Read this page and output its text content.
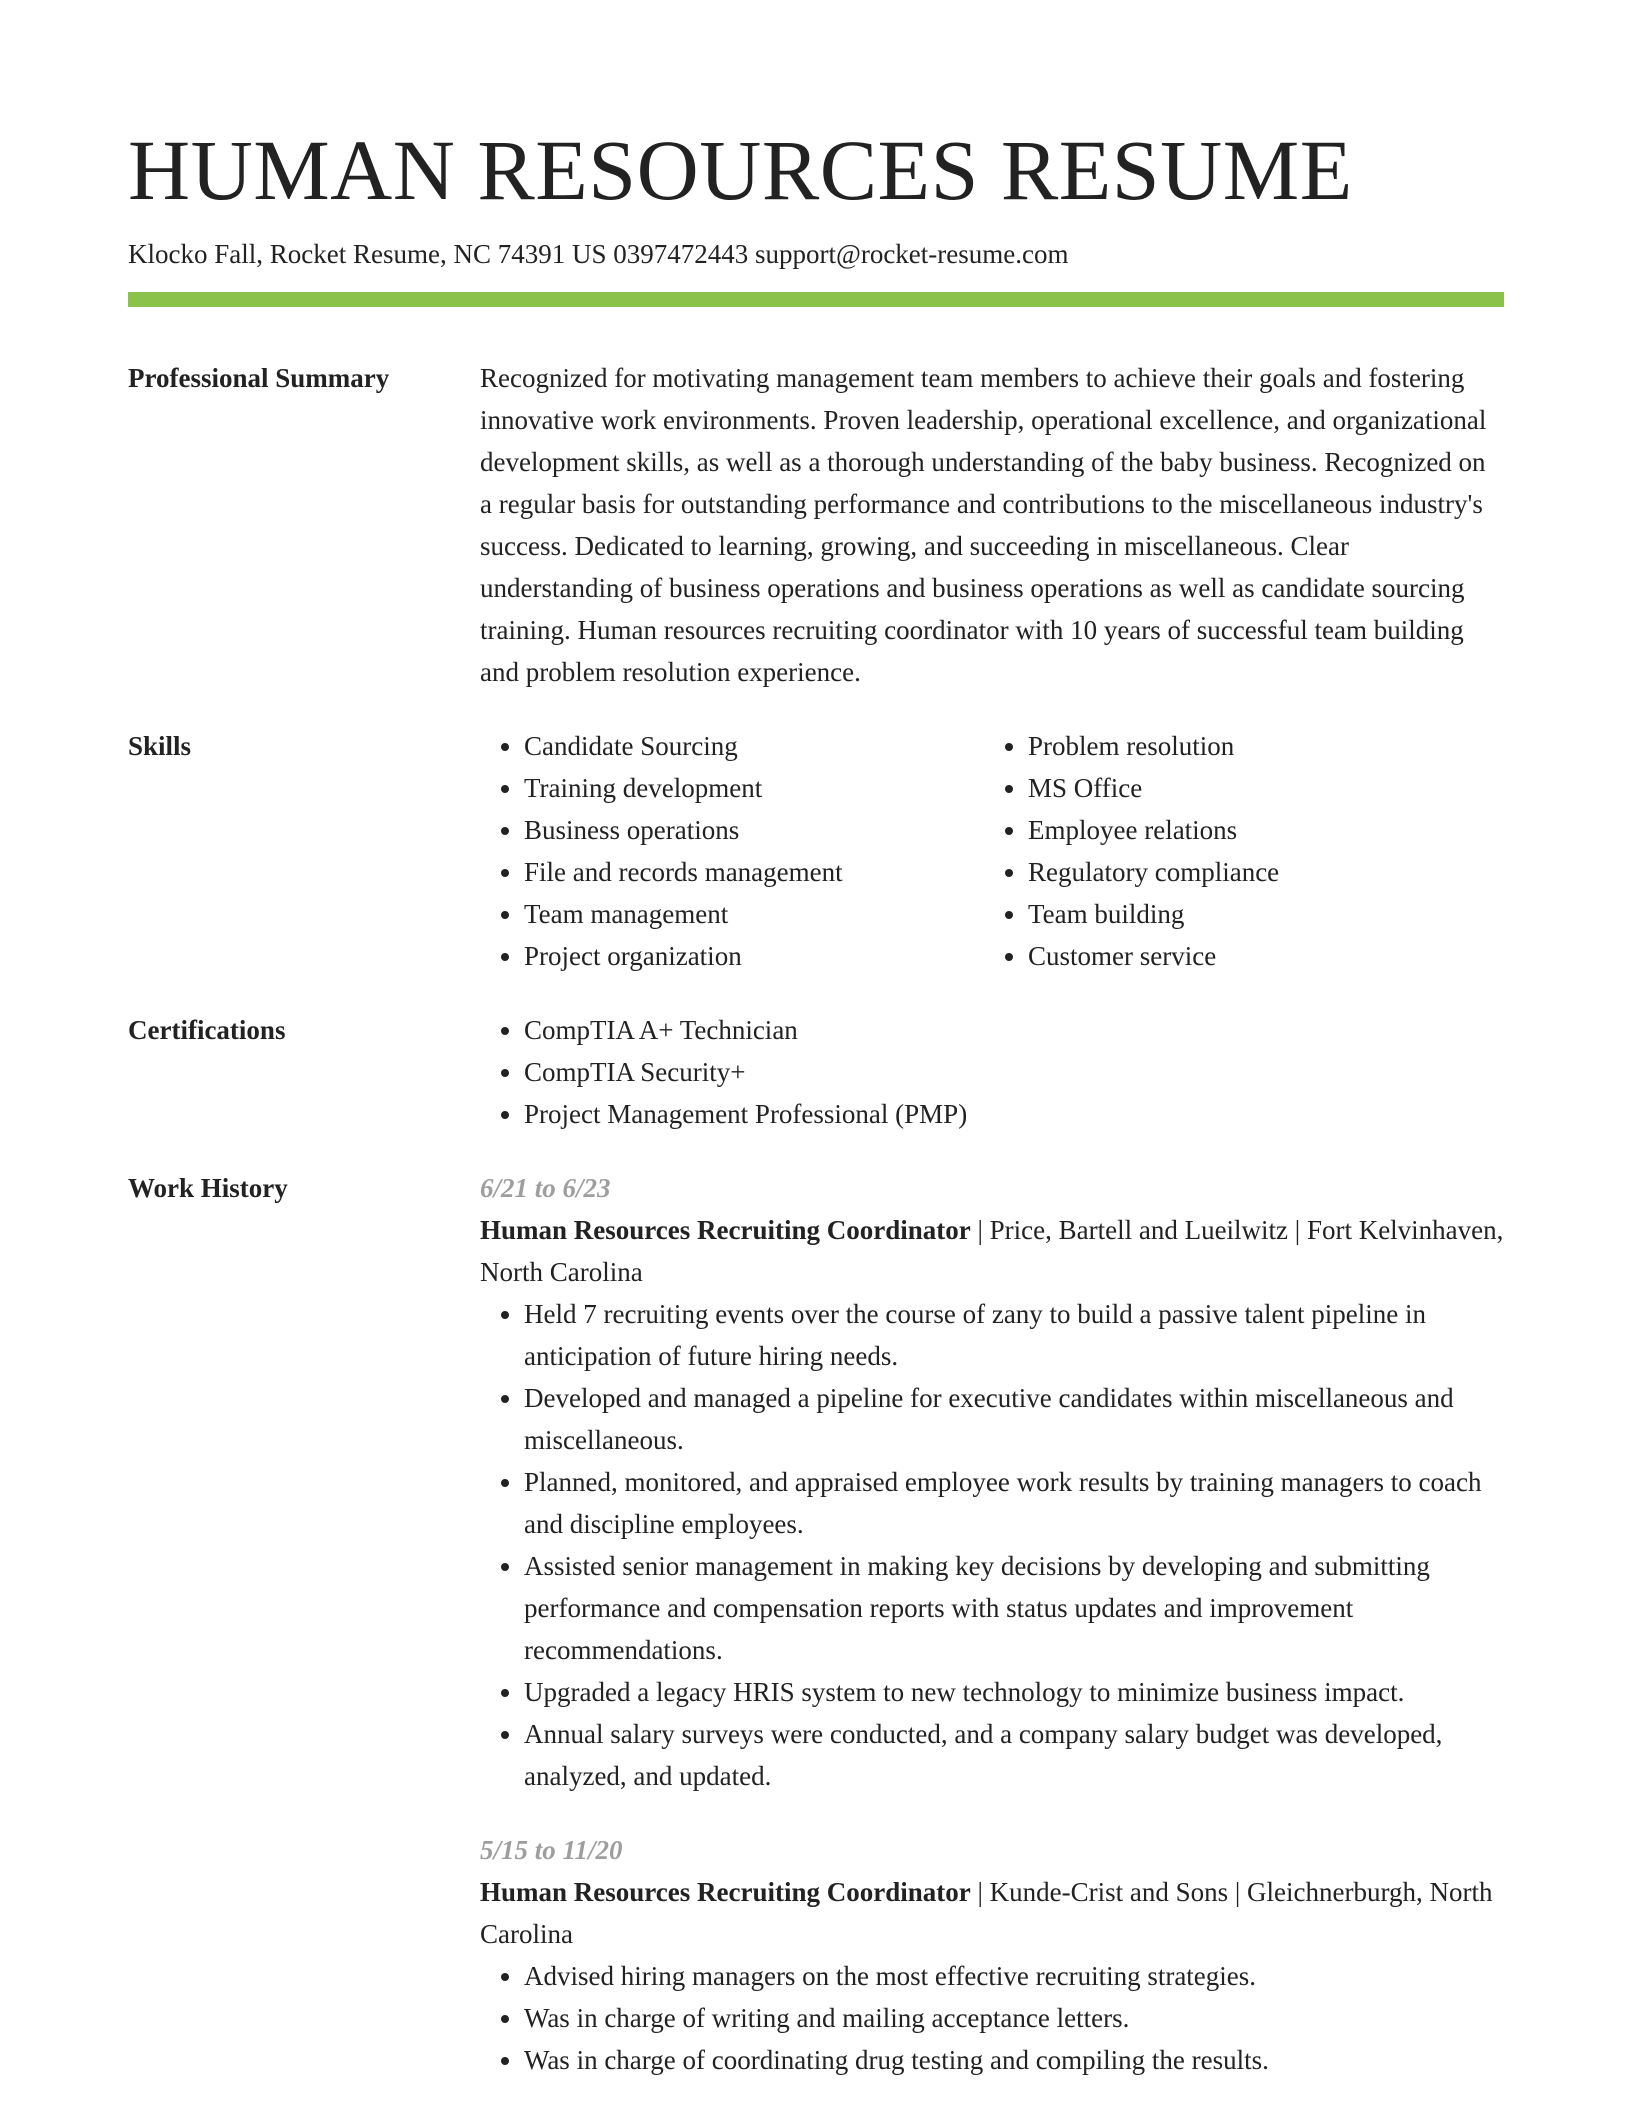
HUMAN RESOURCES RESUME
Klocko Fall, Rocket Resume, NC 74391 US 0397472443 support@rocket-resume.com
Professional Summary	Recognized for motivating management team members to achieve their goals and fostering innovative work environments. Proven leadership, operational excellence, and organizational development skills, as well as a thorough understanding of the baby business. Recognized on a regular basis for outstanding performance and contributions to the miscellaneous industry's success. Dedicated to learning, growing, and succeeding in miscellaneous. Clear understanding of business operations and business operations as well as candidate sourcing training. Human resources recruiting coordinator with 10 years of successful team building and problem resolution experience.
Skills	• Candidate Sourcing
• Training development
• Business operations
• File and records management
• Team management
• Project organization
• Problem resolution
• MS Office
• Employee relations
• Regulatory compliance
• Team building
• Customer service
Certifications	• CompTIA A+ Technician
• CompTIA Security+
• Project Management Professional (PMP)
Work History	6/21 to 6/23
Human Resources Recruiting Coordinator | Price, Bartell and Lueilwitz | Fort Kelvinhaven, North Carolina
• Held 7 recruiting events over the course of zany to build a passive talent pipeline in anticipation of future hiring needs.
• Developed and managed a pipeline for executive candidates within miscellaneous and miscellaneous.
• Planned, monitored, and appraised employee work results by training managers to coach and discipline employees.
• Assisted senior management in making key decisions by developing and submitting performance and compensation reports with status updates and improvement recommendations.
• Upgraded a legacy HRIS system to new technology to minimize business impact.
• Annual salary surveys were conducted, and a company salary budget was developed, analyzed, and updated.
5/15 to 11/20
Human Resources Recruiting Coordinator | Kunde-Crist and Sons | Gleichnerburgh, North Carolina
• Advised hiring managers on the most effective recruiting strategies.
• Was in charge of writing and mailing acceptance letters.
• Was in charge of coordinating drug testing and compiling the results.
